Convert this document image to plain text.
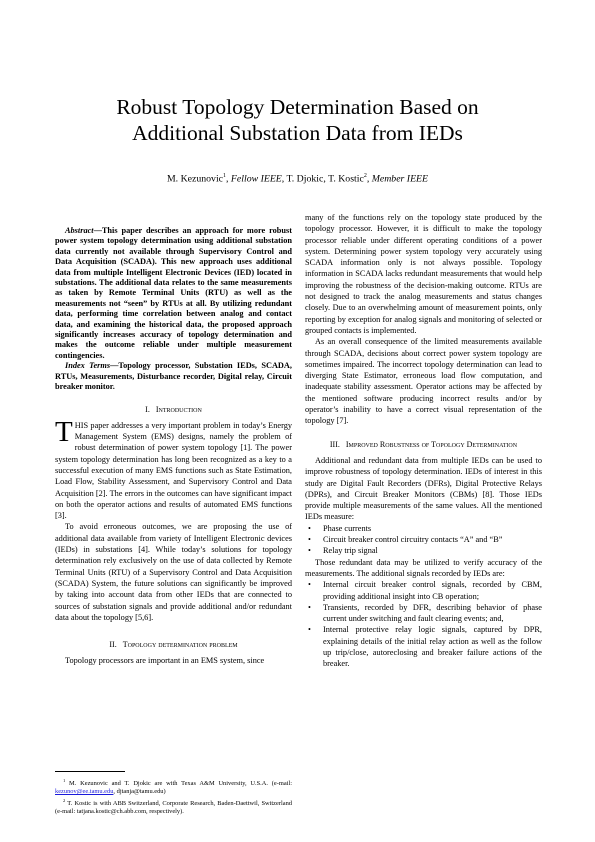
Robust Topology Determination Based on
Additional Substation Data from IEDs
M. Kezunovic$^1$, Fellow IEEE, T. Djokic, T. Kostic$^2$, Member IEEE

Abstract—This paper describes an approach for more robust power system topology determination using additional substation data currently not available through Supervisory Control and Data Acquisition (SCADA). This new approach uses additional data from multiple Intelligent Electronic Devices (IED) located in substations. The additional data relates to the same measurements as taken by Remote Terminal Units (RTU) as well as the measurements not “seen” by RTUs at all. By utilizing redundant data, performing time correlation between analog and contact data, and examining the historical data, the proposed approach significantly increases accuracy of topology determination and makes the outcome reliable under multiple measurement contingencies.

Index Terms—Topology processor, Substation IEDs, SCADA, RTUs, Measurements, Disturbance recorder, Digital relay, Circuit breaker monitor.

I. Introduction

THIS paper addresses a very important problem in today’s Energy Management System (EMS) designs, namely the problem of robust determination of power system topology [1]. The power system topology determination has long been recognized as a key to a successful execution of many EMS functions such as State Estimation, Load Flow, Stability Assessment, and Supervisory Control and Data Acquisition [2]. The errors in the outcomes can have significant impact on both the operator actions and results of automated EMS functions [3].

To avoid erroneous outcomes, we are proposing the use of additional data available from variety of Intelligent Electronic devices (IEDs) in substations [4]. While today’s solutions for topology determination rely exclusively on the use of data collected by Remote Terminal Units (RTU) of a Supervisory Control and Data Acquisition (SCADA) System, the future solutions can significantly be improved by taking into account data from other IEDs that are connected to sources of substation signals and provide additional and/or redundant data about the topology [5,6].

II. Topology determination problem

Topology processors are important in an EMS system, since

$^1$ M. Kezunovic and T. Djokic are with Texas A&M University, U.S.A. (e-mail: kezunov@ee.tamu.edu, djtanja@tamu.edu)

$^2$ T. Kostic is with ABB Switzerland, Corporate Research, Baden-Daettwil, Switzerland (e-mail: tatjana.kostic@ch.abb.com, respectively).

many of the functions rely on the topology state produced by the topology processor. However, it is difficult to make the topology processor reliable under different operating conditions of a power system. Determining power system topology very accurately using SCADA information only is not always possible. Topology information in SCADA lacks redundant measurements that would help improving the robustness of the decision-making outcome. RTUs are not designed to track the analog measurements and status changes closely. Due to an overwhelming amount of measurement points, only reporting by exception for analog signals and monitoring of selected or grouped contacts is implemented.

As an overall consequence of the limited measurements available through SCADA, decisions about correct power system topology are sometimes impaired. The incorrect topology determination can lead to diverging State Estimator, erroneous load flow computation, and inadequate stability assessment. Operator actions may be affected by the mentioned software producing incorrect results and/or by operator’s inability to have a correct visual representation of the topology [7].

III. Improved Robustness of Topology Determination

Additional and redundant data from multiple IEDs can be used to improve robustness of topology determination. IEDs of interest in this study are Digital Fault Recorders (DFRs), Digital Protective Relays (DPRs), and Circuit Breaker Monitors (CBMs) [8]. Those IEDs provide multiple measurements of the same values. All the mentioned IEDs measure:

• Phase currents
• Circuit breaker control circuitry contacts “A” and “B”
• Relay trip signal

Those redundant data may be utilized to verify accuracy of the measurements. The additional signals recorded by IEDs are:

• Internal circuit breaker control signals, recorded by CBM, providing additional insight into CB operation;
• Transients, recorded by DFR, describing behavior of phase current under switching and fault clearing events; and,
• Internal protective relay logic signals, captured by DPR, explaining details of the initial relay action as well as the follow up trip/close, autoreclosing and breaker failure actions of the breaker.
